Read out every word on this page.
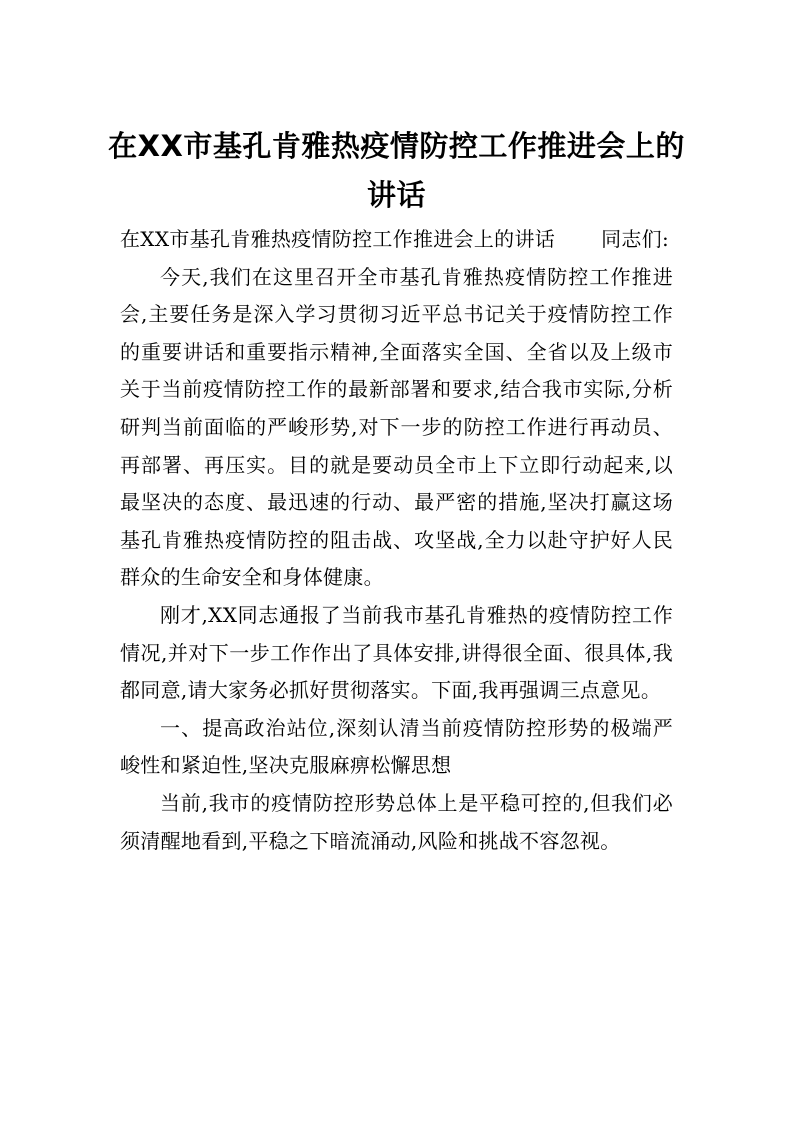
在XX市基孔肯雅热疫情防控工作推进会上的讲话

在XX市基孔肯雅热疫情防控工作推进会上的讲话 同志们:

今天,我们在这里召开全市基孔肯雅热疫情防控工作推进会,主要任务是深入学习贯彻习近平总书记关于疫情防控工作的重要讲话和重要指示精神,全面落实全国、全省以及上级市关于当前疫情防控工作的最新部署和要求,结合我市实际,分析研判当前面临的严峻形势,对下一步的防控工作进行再动员、再部署、再压实。目的就是要动员全市上下立即行动起来,以最坚决的态度、最迅速的行动、最严密的措施,坚决打赢这场基孔肯雅热疫情防控的阻击战、攻坚战,全力以赴守护好人民群众的生命安全和身体健康。

刚才,XX同志通报了当前我市基孔肯雅热的疫情防控工作情况,并对下一步工作作出了具体安排,讲得很全面、很具体,我都同意,请大家务必抓好贯彻落实。下面,我再强调三点意见。

一、提高政治站位,深刻认清当前疫情防控形势的极端严峻性和紧迫性,坚决克服麻痹松懈思想

当前,我市的疫情防控形势总体上是平稳可控的,但我们必须清醒地看到,平稳之下暗流涌动,风险和挑战不容忽视。
